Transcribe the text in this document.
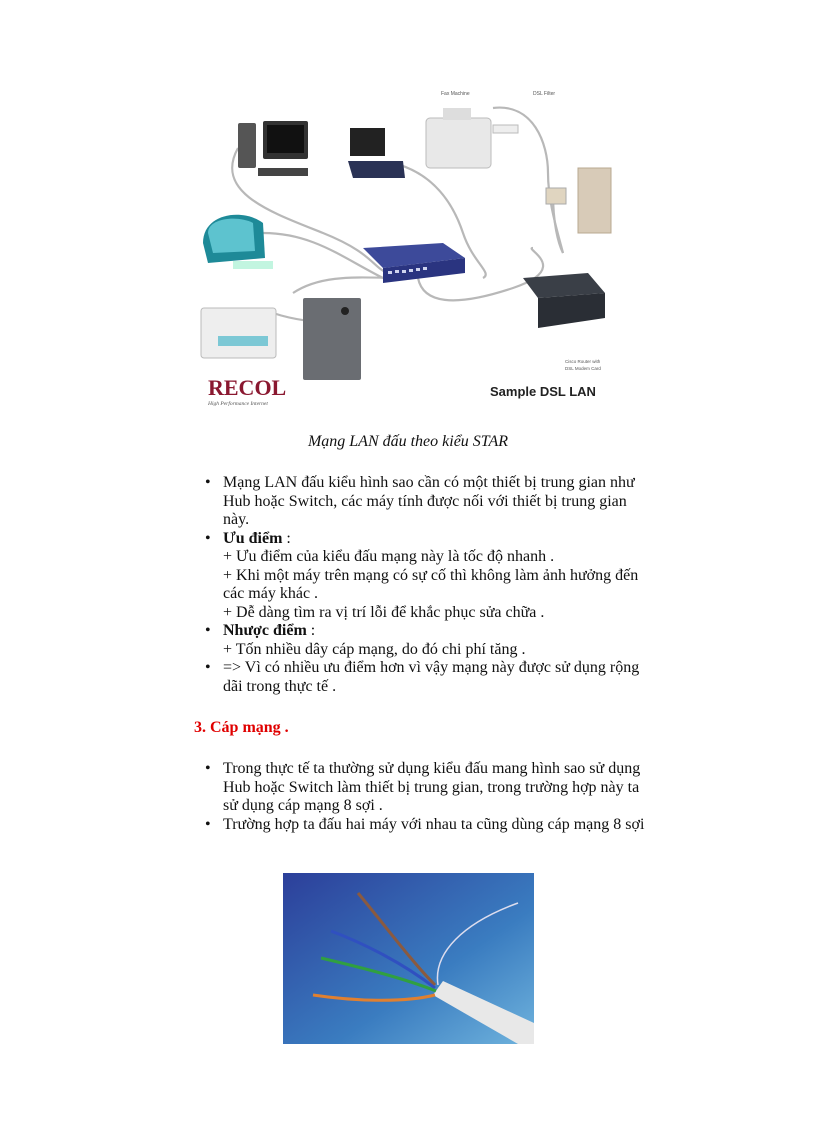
Fax Machine	DSL Filter
Cisco Router with
DSL Modem Card
RECOL
High Performance Internet
Sample DSL LAN
Mạng LAN đấu theo kiểu STAR
• Mạng LAN đấu kiểu hình sao cần có một thiết bị trung gian như Hub hoặc Switch, các máy tính được nối với thiết bị trung gian này.
• Ưu điểm :
+ Ưu điểm của kiểu đấu mạng này là tốc độ nhanh .
+ Khi một máy trên mạng có sự cố thì không làm ảnh hưởng đến các máy khác .
+ Dễ dàng tìm ra vị trí lỗi để khắc phục sửa chữa .
• Nhược điểm :
+ Tốn nhiều dây cáp mạng, do đó chi phí tăng .
• => Vì có nhiều ưu điểm hơn vì vậy mạng này được sử dụng rộng dãi trong thực tế .
3. Cáp mạng .
• Trong thực tế ta thường sử dụng kiểu đấu mang hình sao sử dụng Hub hoặc Switch làm thiết bị trung gian, trong trường hợp này ta sử dụng cáp mạng 8 sợi .
• Trường hợp ta đấu hai máy với nhau ta cũng dùng cáp mạng 8 sợi
